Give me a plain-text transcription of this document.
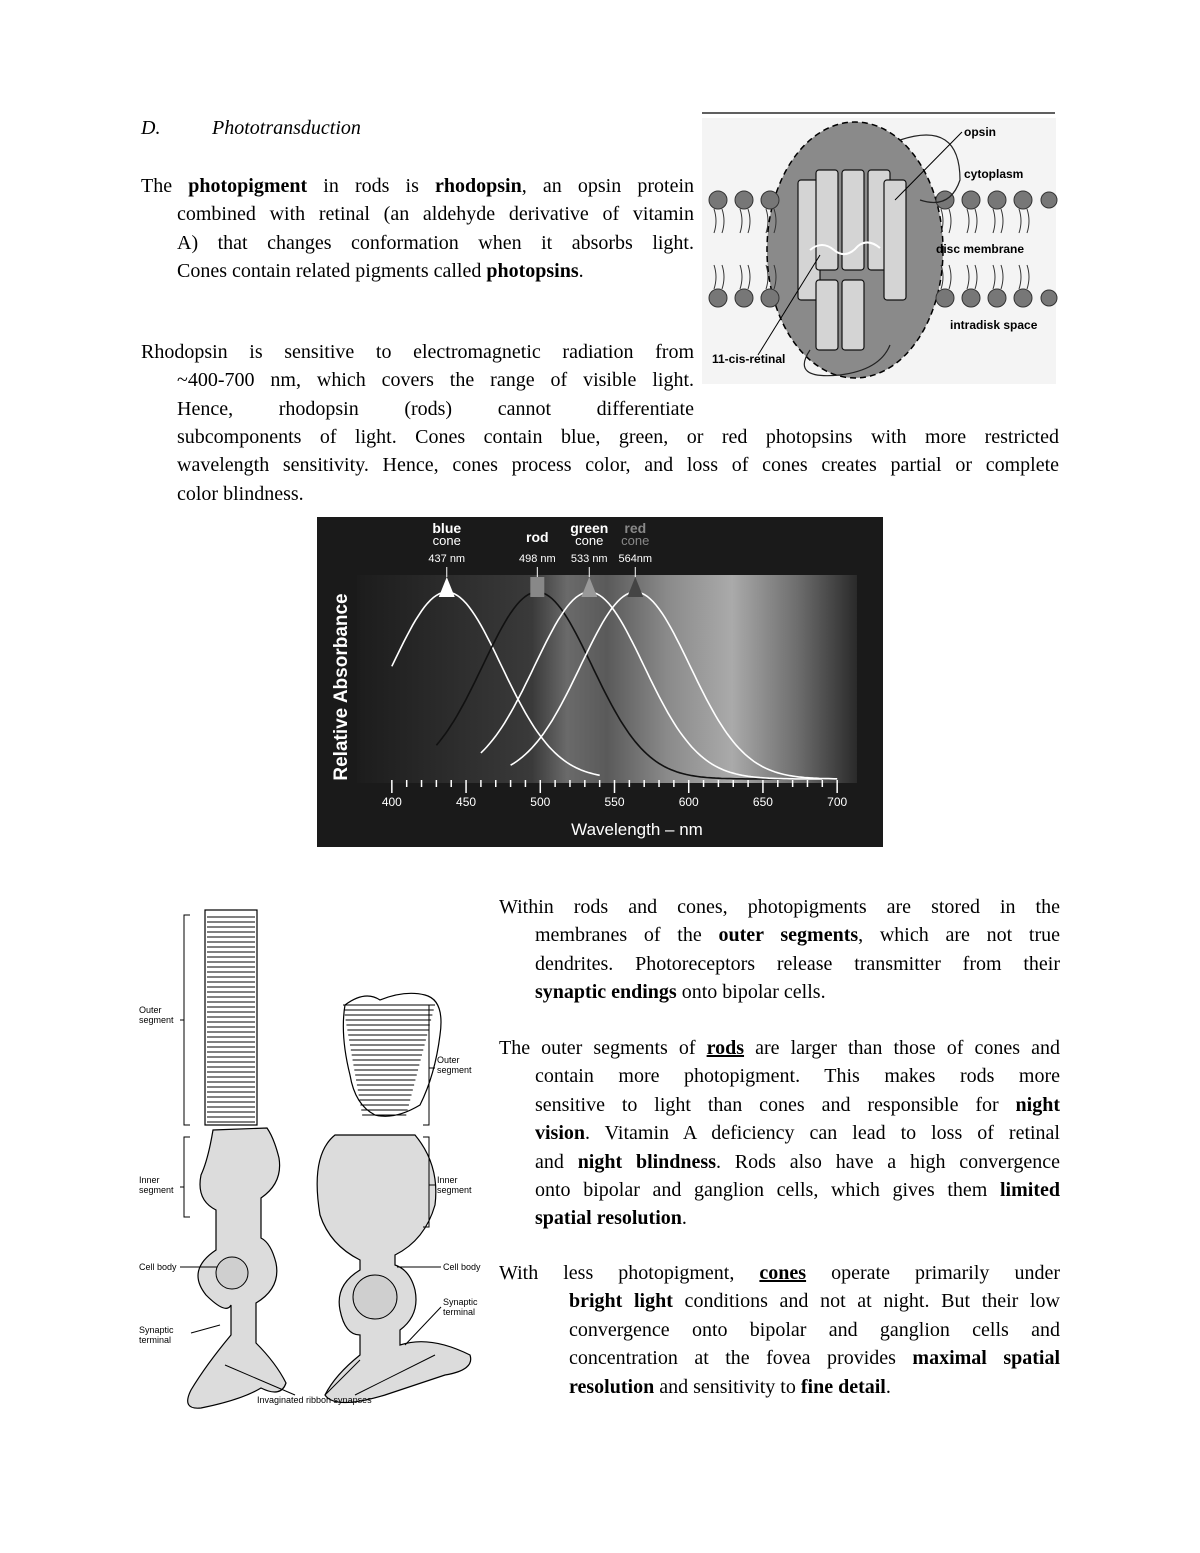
D.	Phototransduction
The photopigment in rods is rhodopsin, an opsin protein
combined with retinal (an aldehyde derivative of vitamin
A) that changes conformation when it absorbs light.
Cones contain related pigments called photopsins.
opsin
cytoplasm
disc membrane
intradisk space
11-cis-retinal
Rhodopsin is sensitive to electromagnetic radiation from
~400-700 nm, which covers the range of visible light.
Hence, rhodopsin (rods) cannot differentiate
subcomponents of light. Cones contain blue, green, or red photopsins with more restricted
wavelength sensitivity. Hence, cones process color, and loss of cones creates partial or complete
color blindness.
blue
cone
437 nm
rod
498 nm
green
cone
533 nm
red
cone
564nm
400	450	500	550	600	650	700
Relative Absorbance
Wavelength – nm
Outer segment
Inner segment
Cell body
Synaptic terminal
Outer segment
Inner segment
Cell body
Synaptic terminal
Invaginated ribbon synapses
Within rods and cones, photopigments are stored in the
membranes of the outer segments, which are not true
dendrites. Photoreceptors release transmitter from their
synaptic endings onto bipolar cells.
The outer segments of rods are larger than those of cones and
contain more photopigment. This makes rods more
sensitive to light than cones and responsible for night
vision. Vitamin A deficiency can lead to loss of retinal
and night blindness. Rods also have a high convergence
onto bipolar and ganglion cells, which gives them limited
spatial resolution.
With less photopigment, cones operate primarily under
bright light conditions and not at night. But their low
convergence onto bipolar and ganglion cells and
concentration at the fovea provides maximal spatial
resolution and sensitivity to fine detail.
